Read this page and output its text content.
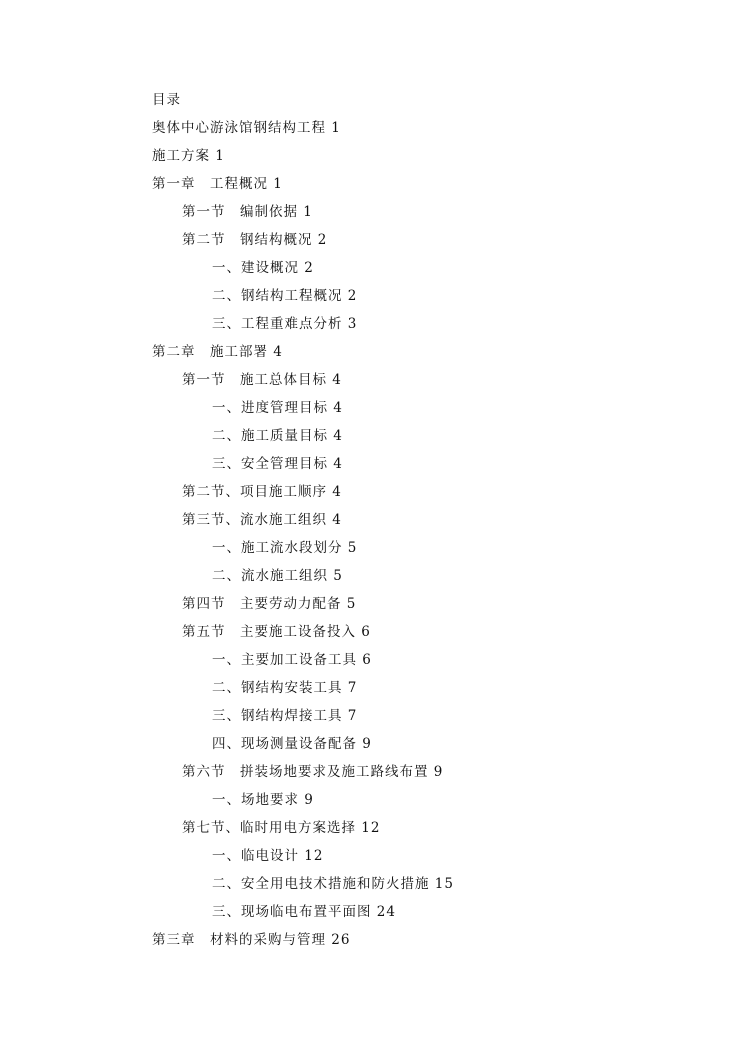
目录
奥体中心游泳馆钢结构工程 1
施工方案 1
第一章　工程概况 1
第一节　编制依据 1
第二节　钢结构概况 2
一、建设概况 2
二、钢结构工程概况 2
三、工程重难点分析 3
第二章　施工部署 4
第一节　施工总体目标 4
一、进度管理目标 4
二、施工质量目标 4
三、安全管理目标 4
第二节、项目施工顺序 4
第三节、流水施工组织 4
一、施工流水段划分 5
二、流水施工组织 5
第四节　主要劳动力配备 5
第五节　主要施工设备投入 6
一、主要加工设备工具 6
二、钢结构安装工具 7
三、钢结构焊接工具 7
四、现场测量设备配备 9
第六节　拼装场地要求及施工路线布置 9
一、场地要求 9
第七节、临时用电方案选择 12
一、临电设计 12
二、安全用电技术措施和防火措施 15
三、现场临电布置平面图 24
第三章　材料的采购与管理 26
